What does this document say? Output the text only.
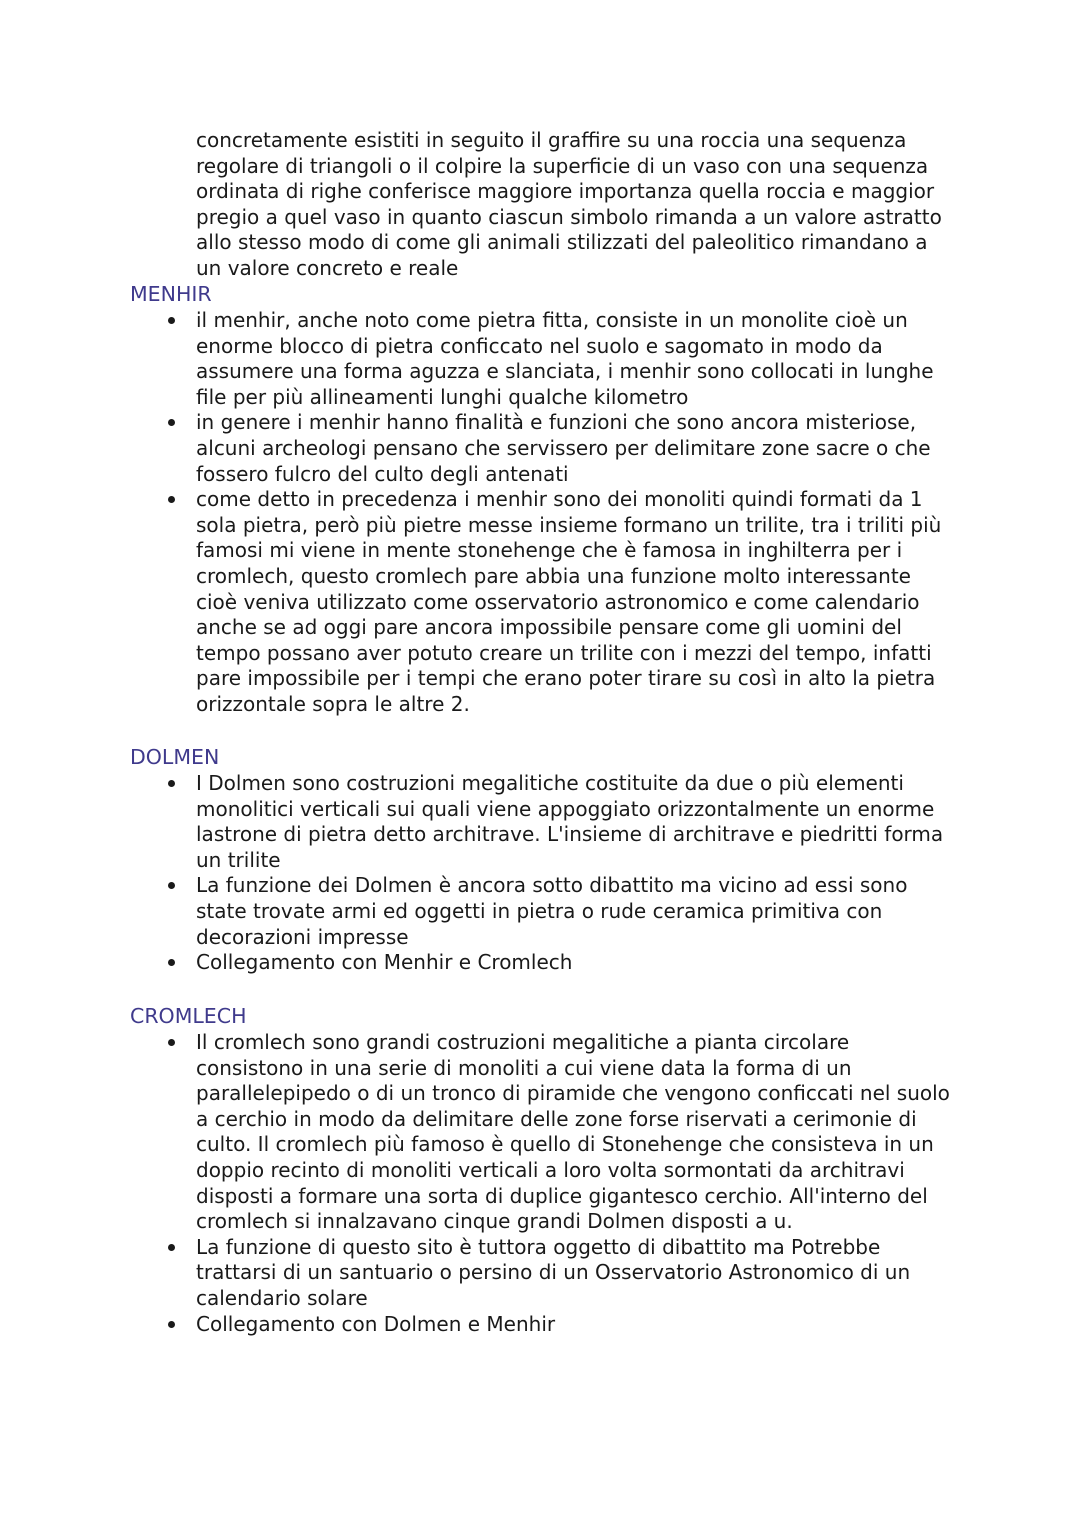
concretamente esistiti in seguito il graffire su una roccia una sequenza regolare di triangoli o il colpire la superficie di un vaso con una sequenza ordinata di righe conferisce maggiore importanza quella roccia e maggior pregio a quel vaso in quanto ciascun simbolo rimanda a un valore astratto allo stesso modo di come gli animali stilizzati del paleolitico rimandano a un valore concreto e reale

MENHIR
il menhir, anche noto come pietra fitta, consiste in un monolite cioè un enorme blocco di pietra conficcato nel suolo e sagomato in modo da assumere una forma aguzza e slanciata, i menhir sono collocati in lunghe file per più allineamenti lunghi qualche kilometro
in genere i menhir hanno finalità e funzioni che sono ancora misteriose, alcuni archeologi pensano che servissero per delimitare zone sacre o che fossero fulcro del culto degli antenati
come detto in precedenza i menhir sono dei monoliti quindi formati da 1 sola pietra, però più pietre messe insieme formano un trilite, tra i triliti più famosi mi viene in mente stonehenge che è famosa in inghilterra per i cromlech, questo cromlech pare abbia una funzione molto interessante cioè veniva utilizzato come osservatorio astronomico e come calendario anche se ad oggi pare ancora impossibile pensare come gli uomini del tempo possano aver potuto creare un trilite con i mezzi del tempo, infatti pare impossibile per i tempi che erano poter tirare su così in alto la pietra orizzontale sopra le altre 2.
DOLMEN
I Dolmen sono costruzioni megalitiche costituite da due o più elementi monolitici verticali sui quali viene appoggiato orizzontalmente un enorme lastrone di pietra detto architrave. L'insieme di architrave e piedritti forma un trilite
La funzione dei Dolmen è ancora sotto dibattito ma vicino ad essi sono state trovate armi ed oggetti in pietra o rude ceramica primitiva con decorazioni impresse
Collegamento con Menhir e Cromlech
CROMLECH
Il cromlech sono grandi costruzioni megalitiche a pianta circolare consistono in una serie di monoliti a cui viene data la forma di un parallelepipedo o di un tronco di piramide che vengono conficcati nel suolo a cerchio in modo da delimitare delle zone forse riservati a cerimonie di culto. Il cromlech più famoso è quello di Stonehenge che consisteva in un doppio recinto di monoliti verticali a loro volta sormontati da architravi disposti a formare una sorta di duplice gigantesco cerchio. All'interno del cromlech si innalzavano cinque grandi Dolmen disposti a u.
La funzione di questo sito è tuttora oggetto di dibattito ma Potrebbe trattarsi di un santuario o persino di un Osservatorio Astronomico di un calendario solare
Collegamento con Dolmen e Menhir
